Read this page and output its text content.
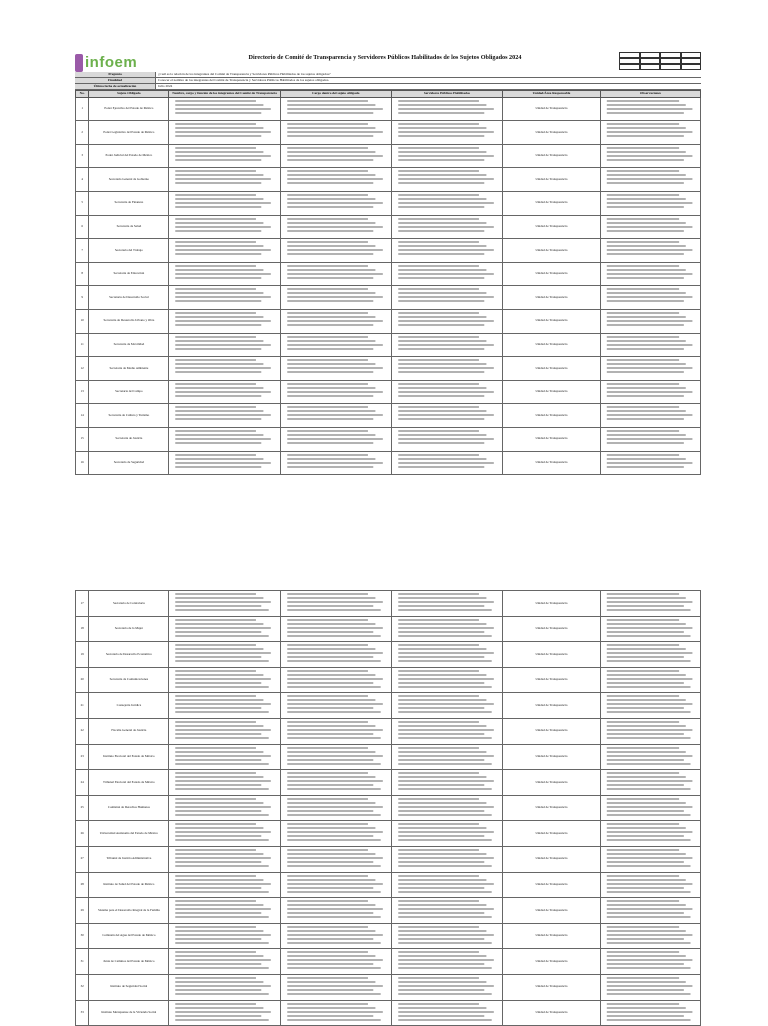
infoem	Directorio de Comité de Transparencia y Servidores Públicos Habilitados de los Sujetos Obligados 2024
Pregunta	¿Cuál es la relación de los integrantes del Comité de Transparencia y Servidores Públicos Habilitados de los sujetos obligados?
Finalidad	Conocer el nombre de los integrantes del Comité de Transparencia y Servidores Públicos Habilitados de los sujetos obligados.
Última fecha de actualización	Julio 2024
No.	Sujeto Obligado	Nombre, cargo y función de los integrantes del Comité de Transparencia	Cargo dentro del sujeto obligado	Servidores Públicos Habilitados	Unidad/Área Responsable	Observaciones
1	Poder Ejecutivo del Estado de México				Unidad de Transparencia	
2	Poder Legislativo del Estado de México				Unidad de Transparencia	
3	Poder Judicial del Estado de México				Unidad de Transparencia	
4	Secretaría General de Gobierno				Unidad de Transparencia	
5	Secretaría de Finanzas				Unidad de Transparencia	
6	Secretaría de Salud				Unidad de Transparencia	
7	Secretaría del Trabajo				Unidad de Transparencia	
8	Secretaría de Educación				Unidad de Transparencia	
9	Secretaría de Desarrollo Social				Unidad de Transparencia	
10	Secretaría de Desarrollo Urbano y Obra				Unidad de Transparencia	
11	Secretaría de Movilidad				Unidad de Transparencia	
12	Secretaría de Medio Ambiente				Unidad de Transparencia	
13	Secretaría del Campo				Unidad de Transparencia	
14	Secretaría de Cultura y Turismo				Unidad de Transparencia	
15	Secretaría de Justicia				Unidad de Transparencia	
16	Secretaría de Seguridad				Unidad de Transparencia	
17	Secretaría de Contraloría				Unidad de Transparencia	
18	Secretaría de la Mujer				Unidad de Transparencia	
19	Secretaría de Desarrollo Económico				Unidad de Transparencia	
20	Secretaría de Comunicaciones				Unidad de Transparencia	
21	Consejería Jurídica				Unidad de Transparencia	
22	Fiscalía General de Justicia				Unidad de Transparencia	
23	Instituto Electoral del Estado de México				Unidad de Transparencia	
24	Tribunal Electoral del Estado de México				Unidad de Transparencia	
25	Comisión de Derechos Humanos				Unidad de Transparencia	
26	Universidad Autónoma del Estado de México				Unidad de Transparencia	
27	Tribunal de Justicia Administrativa				Unidad de Transparencia	
28	Instituto de Salud del Estado de México				Unidad de Transparencia	
29	Sistema para el Desarrollo Integral de la Familia				Unidad de Transparencia	
30	Comisión del Agua del Estado de México				Unidad de Transparencia	
31	Junta de Caminos del Estado de México				Unidad de Transparencia	
32	Instituto de Seguridad Social				Unidad de Transparencia	
33	Instituto Mexiquense de la Vivienda Social				Unidad de Transparencia	
